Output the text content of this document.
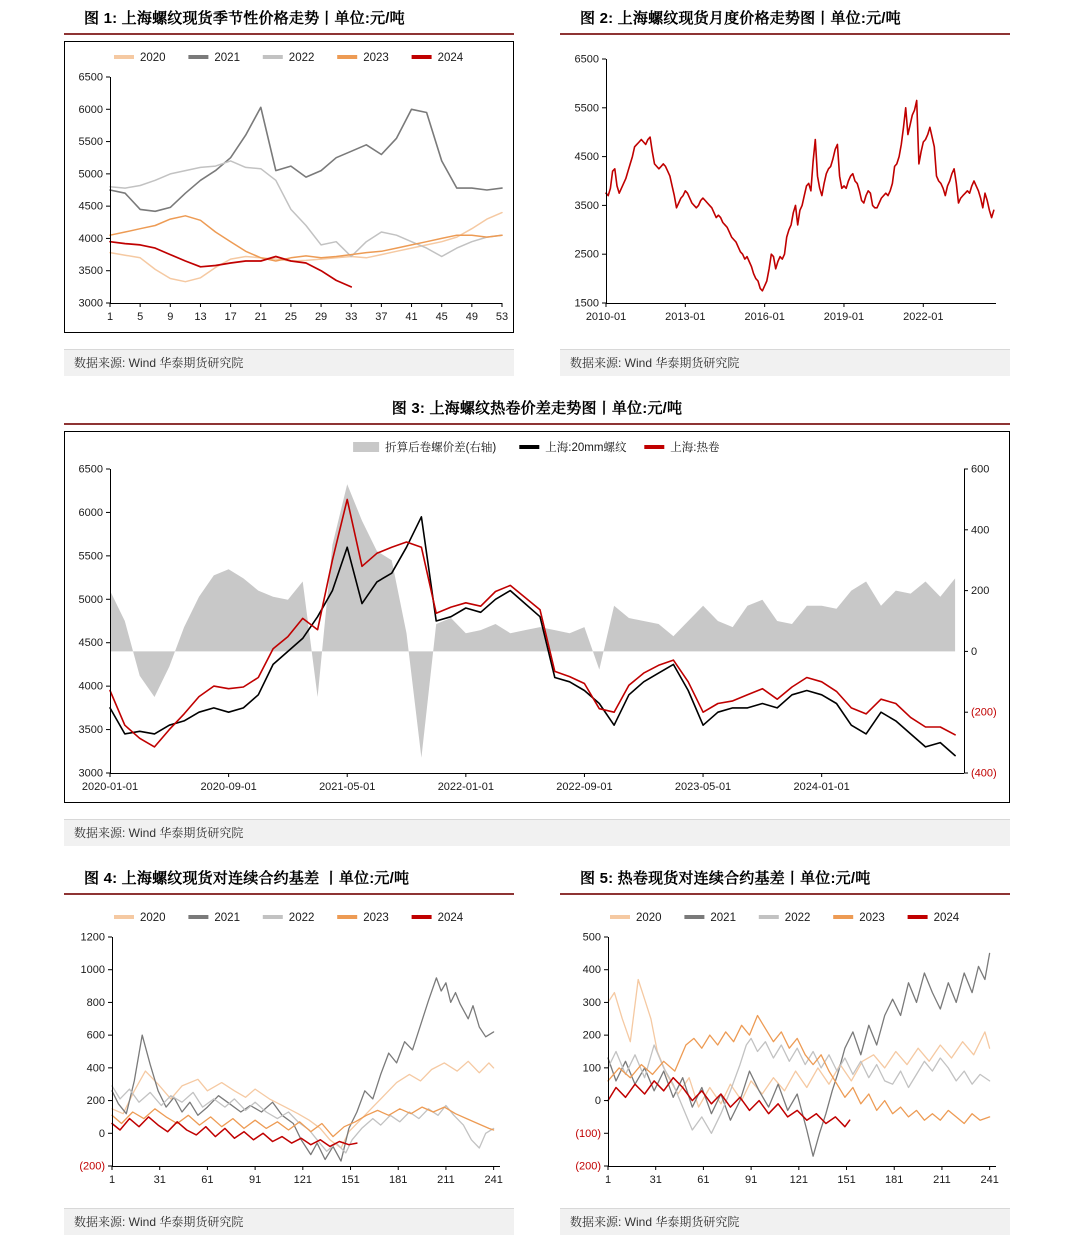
图 1: 上海螺纹现货季节性价格走势丨单位:元/吨
3000
3500
4000
4500
5000
5500
6000
6500
1 5 9 13 17 21 25 29 33 37 41 45 49 53
2020	2021	2022	2023	2024
数据来源: Wind 华泰期货研究院
图 2: 上海螺纹现货月度价格走势图丨单位:元/吨
1500
2500
3500
4500
5500
6500
2010-01	2013-01	2016-01	2019-01	2022-01
数据来源: Wind 华泰期货研究院
图 3: 上海螺纹热卷价差走势图丨单位:元/吨
3000
3500
4000
4500
5000
5500
6000
6500
(400)
(200)
0
200
400
600
2020-01-01	2020-09-01	2021-05-01	2022-01-01	2022-09-01	2023-05-01	2024-01-01
折算后卷螺价差(右轴)	上海:20mm螺纹	上海:热卷
数据来源: Wind 华泰期货研究院
图 4: 上海螺纹现货对连续合约基差 丨单位:元/吨
(200)
0
200
400
600
800
1000
1200
1	31	61	91	121	151	181	211	241
2020	2021	2022	2023	2024
数据来源: Wind 华泰期货研究院
图 5: 热卷现货对连续合约基差丨单位:元/吨
(200)
(100)
0
100
200
300
400
500
1	31	61	91	121	151	181	211	241
2020	2021	2022	2023	2024
数据来源: Wind 华泰期货研究院
